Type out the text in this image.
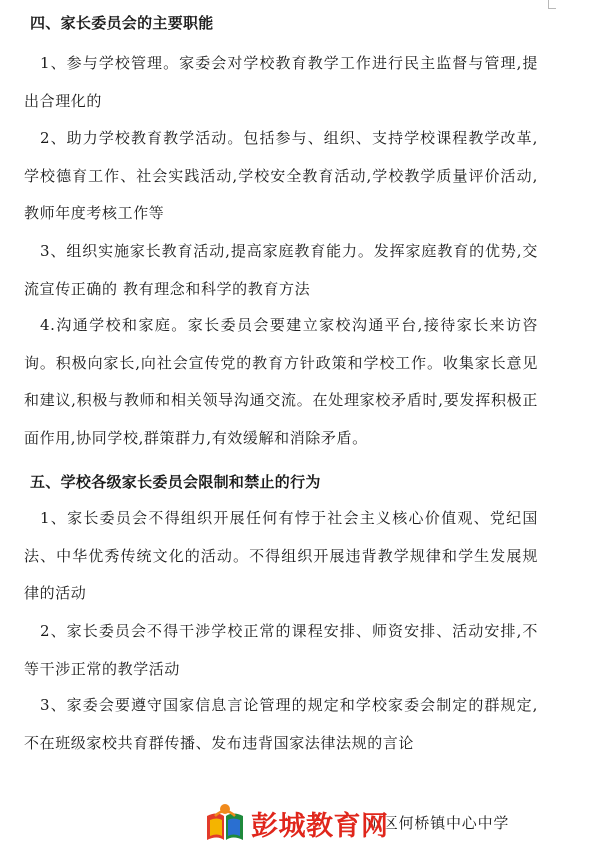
四、家长委员会的主要职能

1、参与学校管理。家委会对学校教育教学工作进行民主监督与管理,提出合理化的

2、助力学校教育教学活动。包括参与、组织、支持学校课程教学改革,学校德育工作、社会实践活动,学校安全教育活动,学校教学质量评价活动,教师年度考核工作等

3、组织实施家长教育活动,提高家庭教育能力。发挥家庭教育的优势,交流宣传正确的 教有理念和科学的教育方法

4.沟通学校和家庭。家长委员会要建立家校沟通平台,接待家长来访咨询。积极向家长,向社会宣传党的教育方针政策和学校工作。收集家长意见和建议,积极与教师和相关领导沟通交流。在处理家校矛盾时,要发挥积极正面作用,协同学校,群策群力,有效缓解和消除矛盾。

五、学校各级家长委员会限制和禁止的行为

1、家长委员会不得组织开展任何有悖于社会主义核心价值观、党纪国法、中华优秀传统文化的活动。不得组织开展违背教学规律和学生发展规律的活动

2、家长委员会不得干涉学校正常的课程安排、师资安排、活动安排,不等干涉正常的教学活动

3、家委会要遵守国家信息言论管理的规定和学校家委会制定的群规定,不在班级家校共育群传播、发布违背国家法律法规的言论

山区何桥镇中心中学
彭城教育网
